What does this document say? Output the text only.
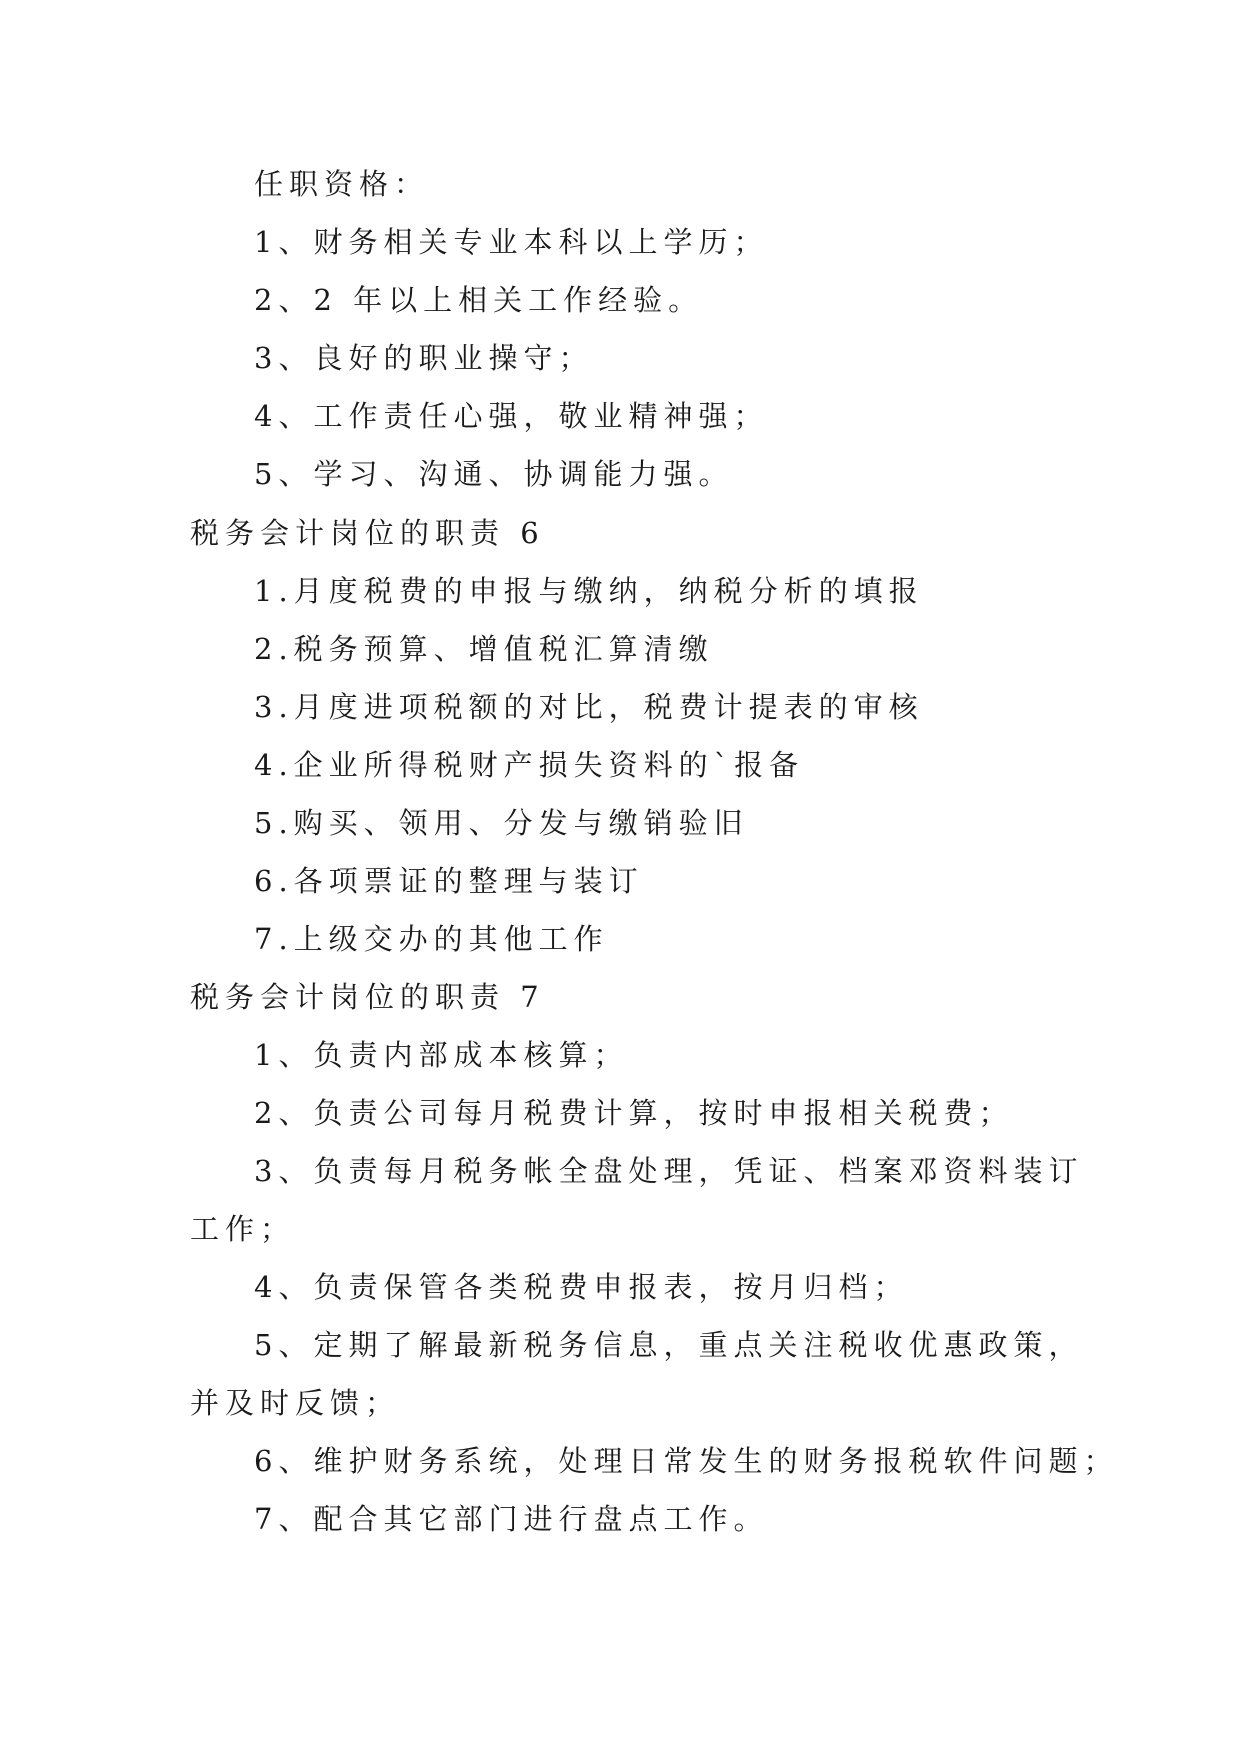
任职资格：
1、财务相关专业本科以上学历；
2、2 年以上相关工作经验。
3、良好的职业操守；
4、工作责任心强，敬业精神强；
5、学习、沟通、协调能力强。
税务会计岗位的职责 6
1.月度税费的申报与缴纳，纳税分析的填报
2.税务预算、增值税汇算清缴
3.月度进项税额的对比，税费计提表的审核
4.企业所得税财产损失资料的`报备
5.购买、领用、分发与缴销验旧
6.各项票证的整理与装订
7.上级交办的其他工作
税务会计岗位的职责 7
1、负责内部成本核算；
2、负责公司每月税费计算，按时申报相关税费；
3、负责每月税务帐全盘处理，凭证、档案邓资料装订
工作；
4、负责保管各类税费申报表，按月归档；
5、定期了解最新税务信息，重点关注税收优惠政策，
并及时反馈；
6、维护财务系统，处理日常发生的财务报税软件问题；
7、配合其它部门进行盘点工作。
